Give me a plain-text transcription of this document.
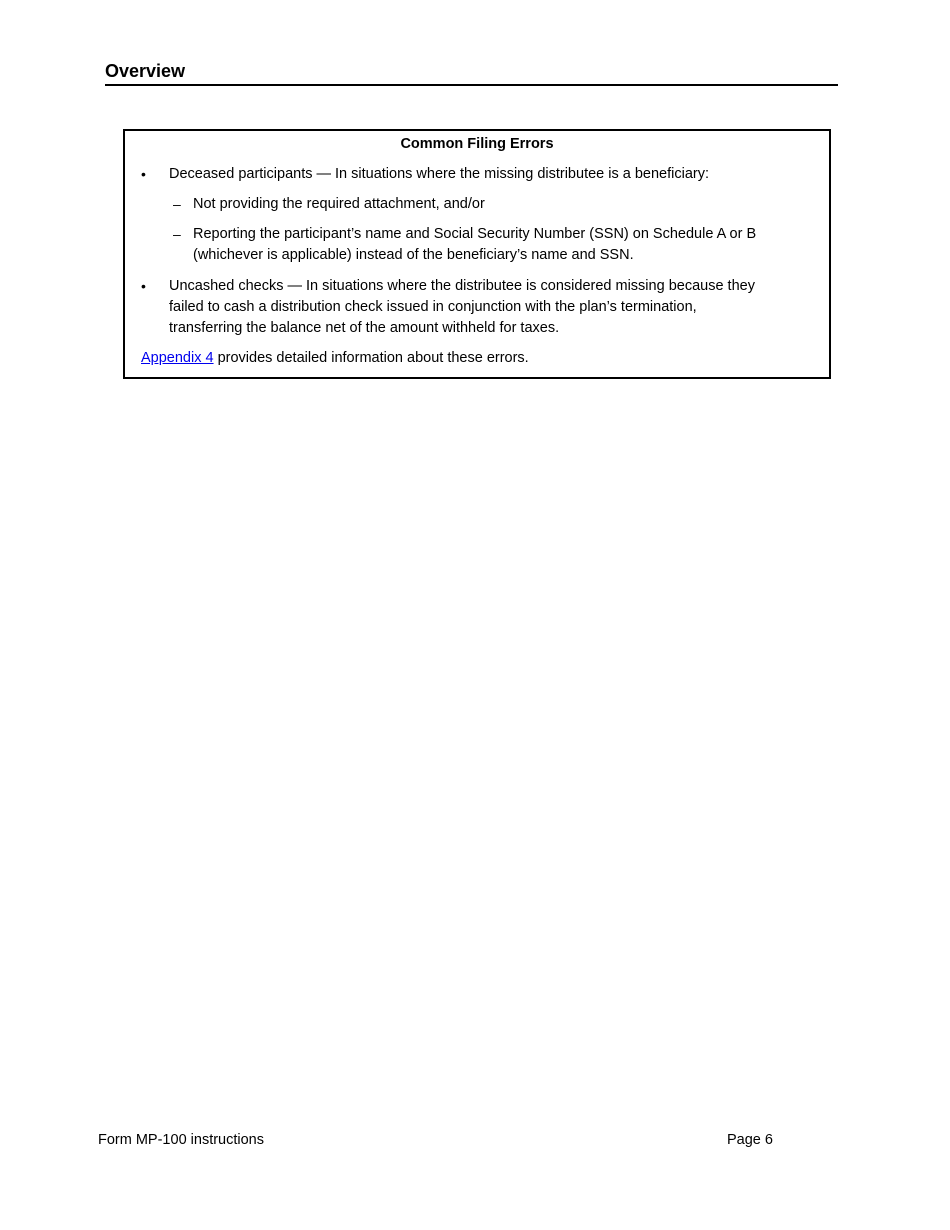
Overview
Common Filing Errors
• Deceased participants — In situations where the missing distributee is a beneficiary:
– Not providing the required attachment, and/or
– Reporting the participant’s name and Social Security Number (SSN) on Schedule A or B
(whichever is applicable) instead of the beneficiary’s name and SSN.
• Uncashed checks — In situations where the distributee is considered missing because they
failed to cash a distribution check issued in conjunction with the plan’s termination,
transferring the balance net of the amount withheld for taxes.
Appendix 4 provides detailed information about these errors.
Form MP-100 instructions	Page 6
